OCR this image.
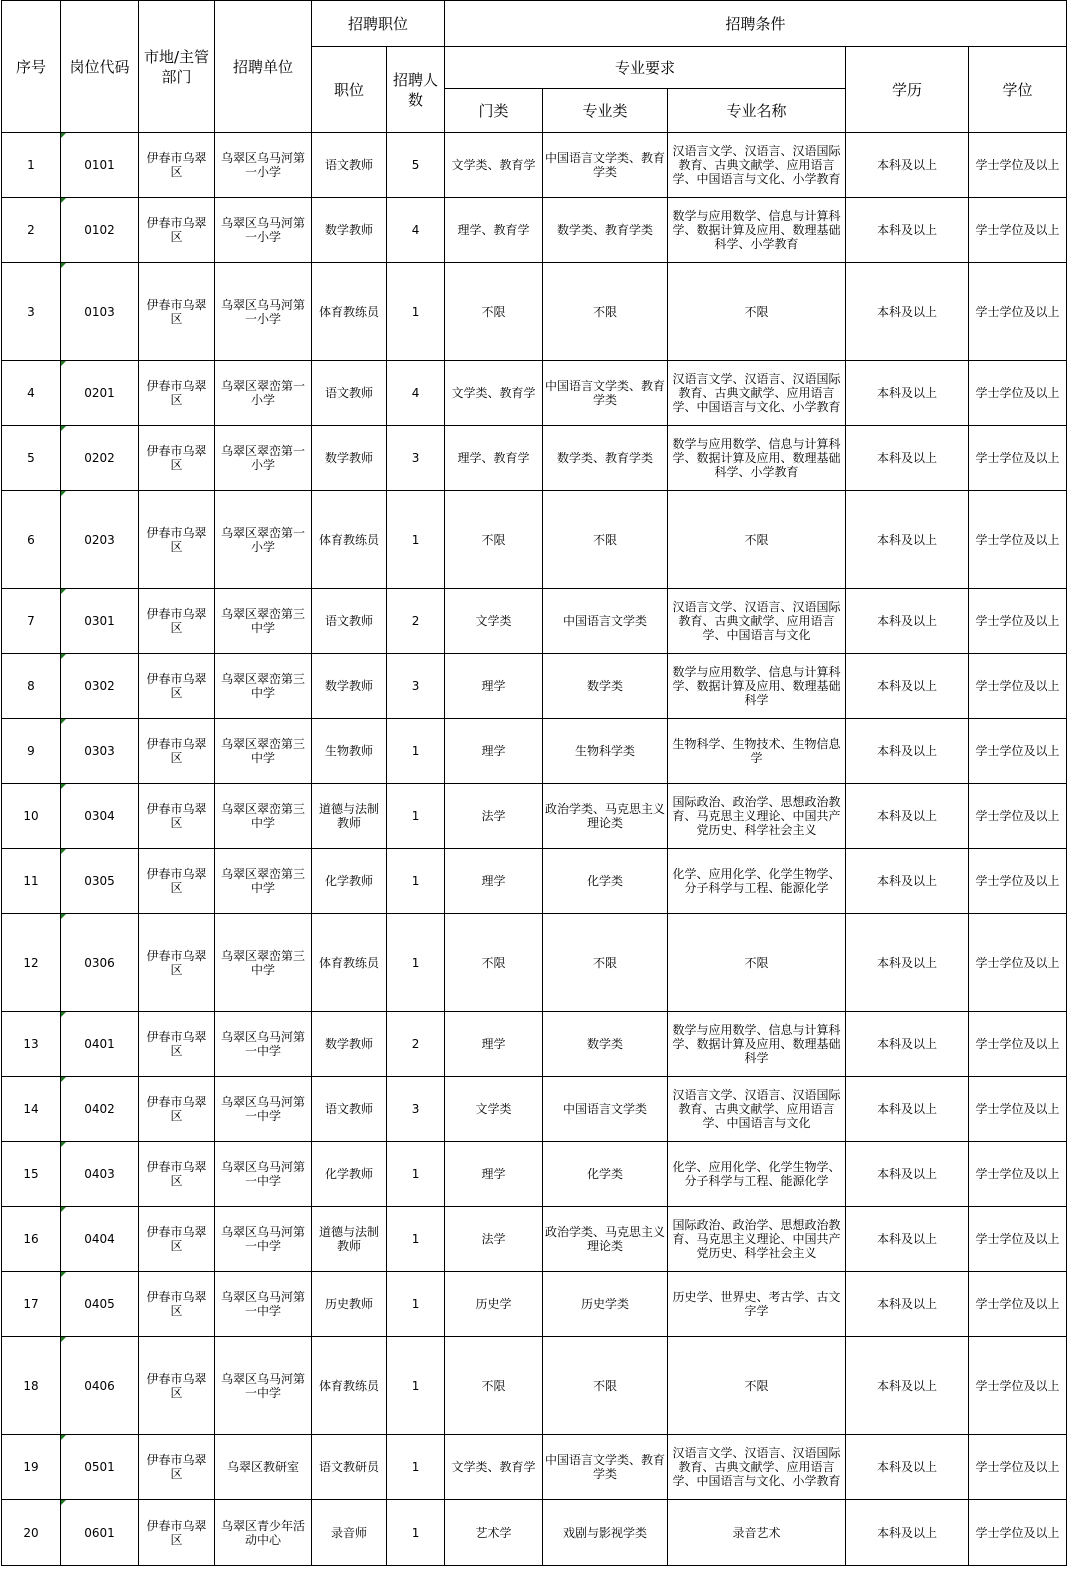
序号	岗位代码	市地/主管部门	招聘单位	招聘职位		招聘条件				
				职位	招聘人数	专业要求			学历	学位
						门类	专业类	专业名称		
1	0101	伊春市乌翠区	乌翠区乌马河第一小学	语文教师	5	文学类、教育学	中国语言文学类、教育学类	汉语言文学、汉语言、汉语国际教育、古典文献学、应用语言学、中国语言与文化、小学教育	本科及以上	学士学位及以上
2	0102	伊春市乌翠区	乌翠区乌马河第一小学	数学教师	4	理学、教育学	数学类、教育学类	数学与应用数学、信息与计算科学、数据计算及应用、数理基础科学、小学教育	本科及以上	学士学位及以上
3	0103	伊春市乌翠区	乌翠区乌马河第一小学	体育教练员	1	不限	不限	不限	本科及以上	学士学位及以上
4	0201	伊春市乌翠区	乌翠区翠峦第一小学	语文教师	4	文学类、教育学	中国语言文学类、教育学类	汉语言文学、汉语言、汉语国际教育、古典文献学、应用语言学、中国语言与文化、小学教育	本科及以上	学士学位及以上
5	0202	伊春市乌翠区	乌翠区翠峦第一小学	数学教师	3	理学、教育学	数学类、教育学类	数学与应用数学、信息与计算科学、数据计算及应用、数理基础科学、小学教育	本科及以上	学士学位及以上
6	0203	伊春市乌翠区	乌翠区翠峦第一小学	体育教练员	1	不限	不限	不限	本科及以上	学士学位及以上
7	0301	伊春市乌翠区	乌翠区翠峦第三中学	语文教师	2	文学类	中国语言文学类	汉语言文学、汉语言、汉语国际教育、古典文献学、应用语言学、中国语言与文化	本科及以上	学士学位及以上
8	0302	伊春市乌翠区	乌翠区翠峦第三中学	数学教师	3	理学	数学类	数学与应用数学、信息与计算科学、数据计算及应用、数理基础科学	本科及以上	学士学位及以上
9	0303	伊春市乌翠区	乌翠区翠峦第三中学	生物教师	1	理学	生物科学类	生物科学、生物技术、生物信息学	本科及以上	学士学位及以上
10	0304	伊春市乌翠区	乌翠区翠峦第三中学	道德与法制教师	1	法学	政治学类、马克思主义理论类	国际政治、政治学、思想政治教育、马克思主义理论、中国共产党历史、科学社会主义	本科及以上	学士学位及以上
11	0305	伊春市乌翠区	乌翠区翠峦第三中学	化学教师	1	理学	化学类	化学、应用化学、化学生物学、分子科学与工程、能源化学	本科及以上	学士学位及以上
12	0306	伊春市乌翠区	乌翠区翠峦第三中学	体育教练员	1	不限	不限	不限	本科及以上	学士学位及以上
13	0401	伊春市乌翠区	乌翠区乌马河第一中学	数学教师	2	理学	数学类	数学与应用数学、信息与计算科学、数据计算及应用、数理基础科学	本科及以上	学士学位及以上
14	0402	伊春市乌翠区	乌翠区乌马河第一中学	语文教师	3	文学类	中国语言文学类	汉语言文学、汉语言、汉语国际教育、古典文献学、应用语言学、中国语言与文化	本科及以上	学士学位及以上
15	0403	伊春市乌翠区	乌翠区乌马河第一中学	化学教师	1	理学	化学类	化学、应用化学、化学生物学、分子科学与工程、能源化学	本科及以上	学士学位及以上
16	0404	伊春市乌翠区	乌翠区乌马河第一中学	道德与法制教师	1	法学	政治学类、马克思主义理论类	国际政治、政治学、思想政治教育、马克思主义理论、中国共产党历史、科学社会主义	本科及以上	学士学位及以上
17	0405	伊春市乌翠区	乌翠区乌马河第一中学	历史教师	1	历史学	历史学类	历史学、世界史、考古学、古文字学	本科及以上	学士学位及以上
18	0406	伊春市乌翠区	乌翠区乌马河第一中学	体育教练员	1	不限	不限	不限	本科及以上	学士学位及以上
19	0501	伊春市乌翠区	乌翠区教研室	语文教研员	1	文学类、教育学	中国语言文学类、教育学类	汉语言文学、汉语言、汉语国际教育、古典文献学、应用语言学、中国语言与文化、小学教育	本科及以上	学士学位及以上
20	0601	伊春市乌翠区	乌翠区青少年活动中心	录音师	1	艺术学	戏剧与影视学类	录音艺术	本科及以上	学士学位及以上
